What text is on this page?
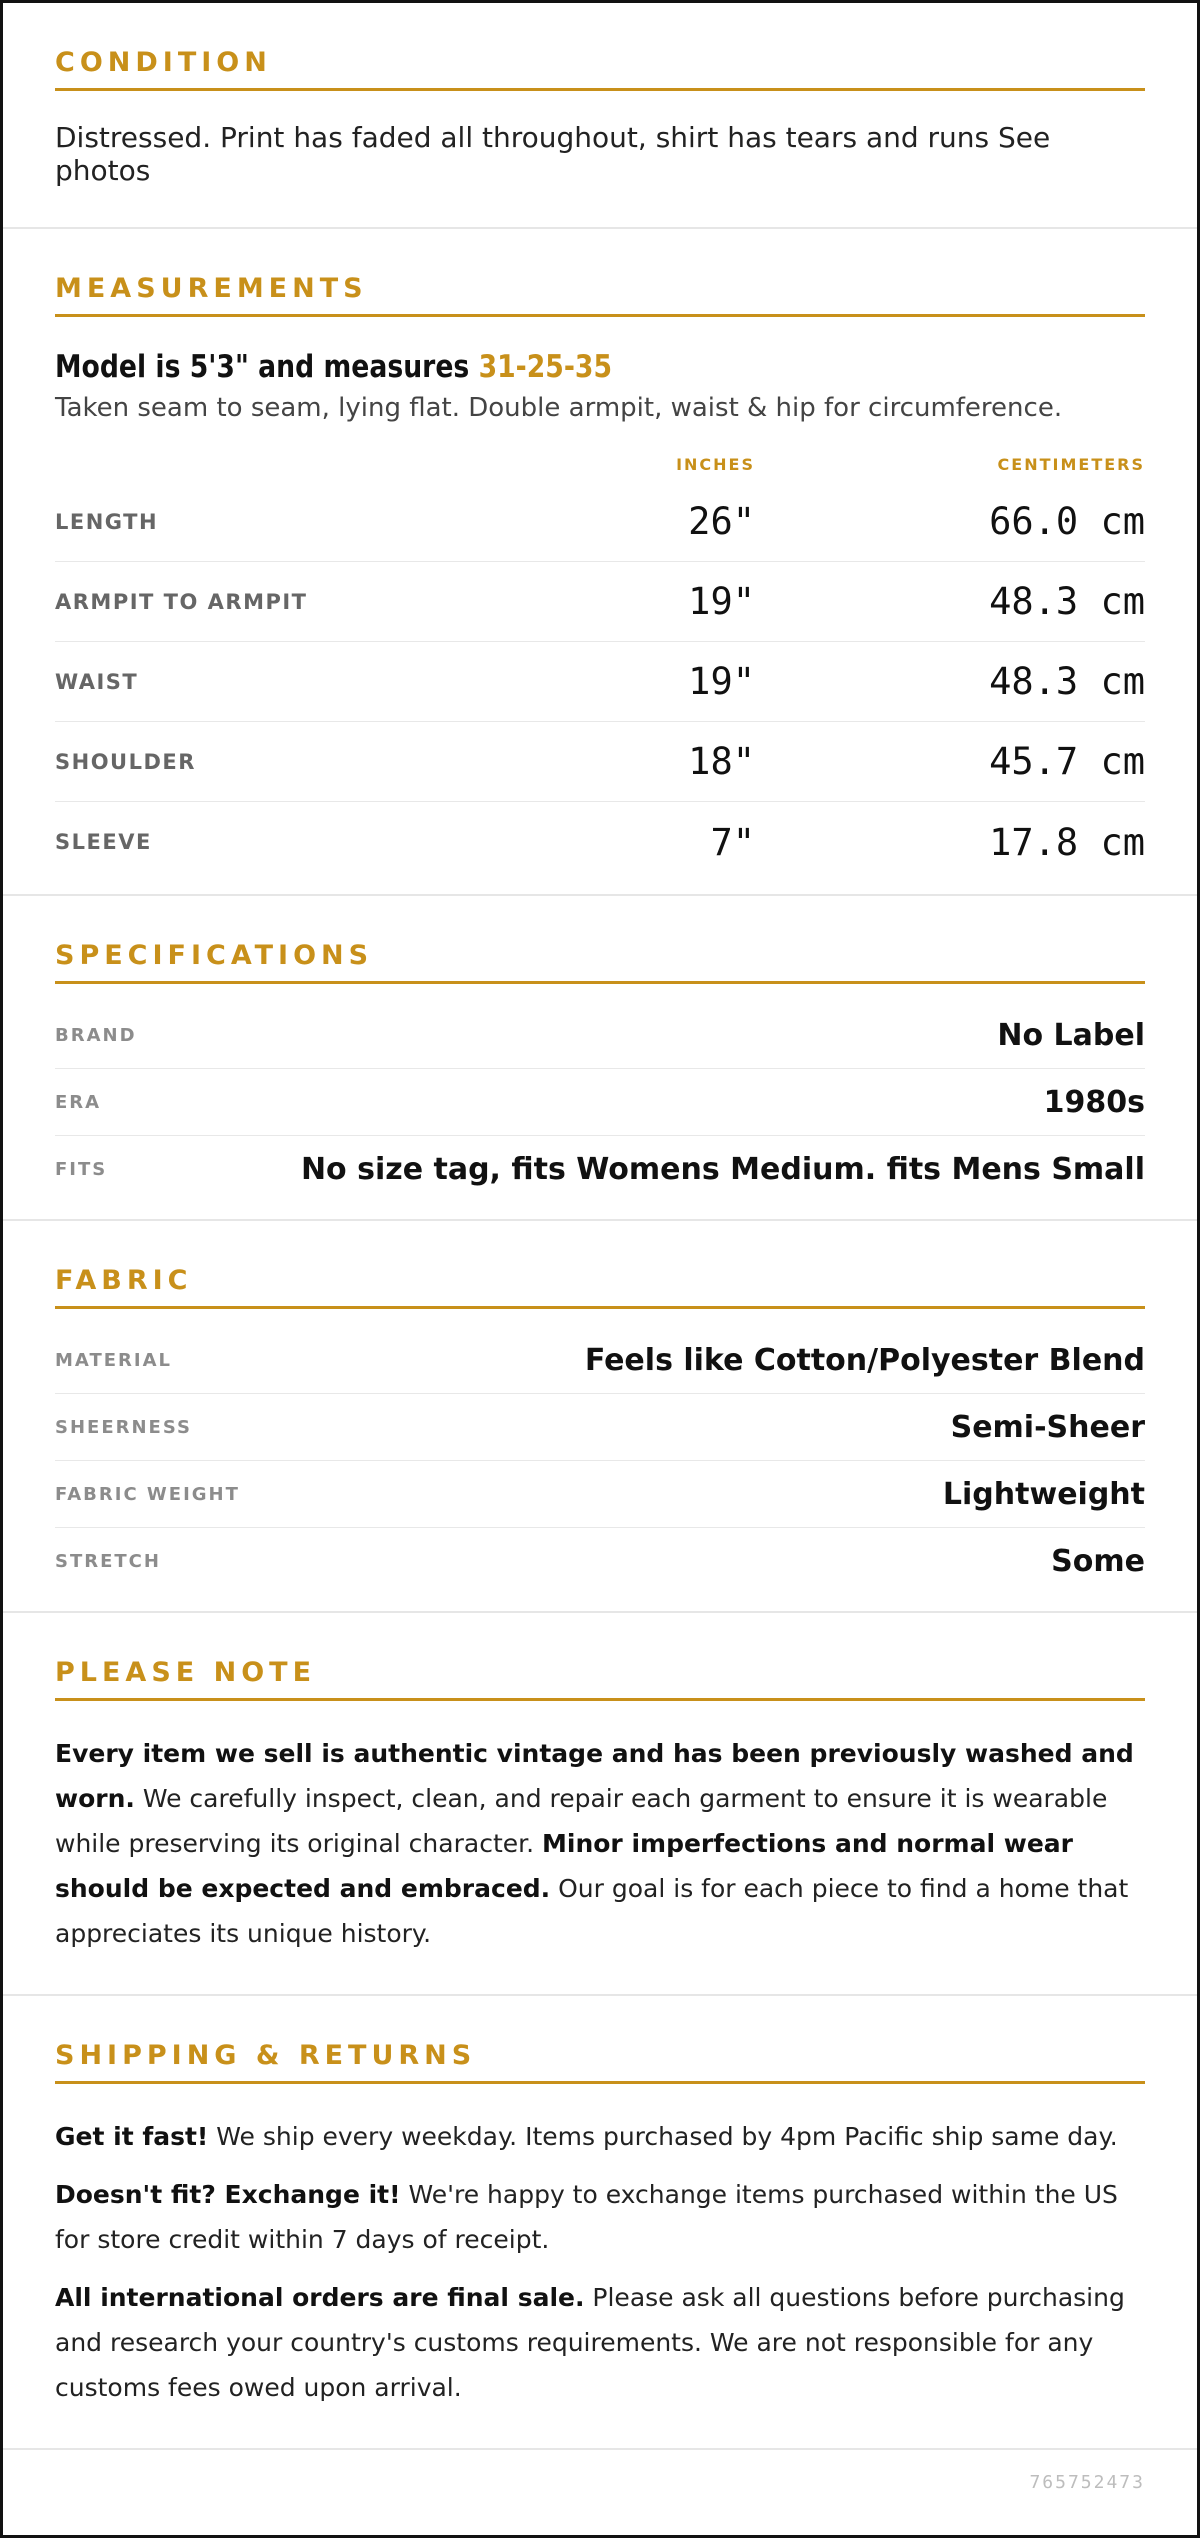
CONDITION
Distressed. Print has faded all throughout, shirt has tears and runs See photos
MEASUREMENTS
Model is 5'3" and measures 31-25-35
Taken seam to seam, lying flat. Double armpit, waist & hip for circumference.
INCHES	CENTIMETERS
LENGTH	26"	66.0 cm
ARMPIT TO ARMPIT	19"	48.3 cm
WAIST	19"	48.3 cm
SHOULDER	18"	45.7 cm
SLEEVE	7"	17.8 cm
SPECIFICATIONS
BRAND	No Label
ERA	1980s
FITS	No size tag, fits Womens Medium. fits Mens Small
FABRIC
MATERIAL	Feels like Cotton/Polyester Blend
SHEERNESS	Semi-Sheer
FABRIC WEIGHT	Lightweight
STRETCH	Some
PLEASE NOTE
Every item we sell is authentic vintage and has been previously washed and worn. We carefully inspect, clean, and repair each garment to ensure it is wearable while preserving its original character. Minor imperfections and normal wear should be expected and embraced. Our goal is for each piece to find a home that appreciates its unique history.
SHIPPING & RETURNS
Get it fast! We ship every weekday. Items purchased by 4pm Pacific ship same day.
Doesn't fit? Exchange it! We're happy to exchange items purchased within the US for store credit within 7 days of receipt.
All international orders are final sale. Please ask all questions before purchasing and research your country's customs requirements. We are not responsible for any customs fees owed upon arrival.
765752473
